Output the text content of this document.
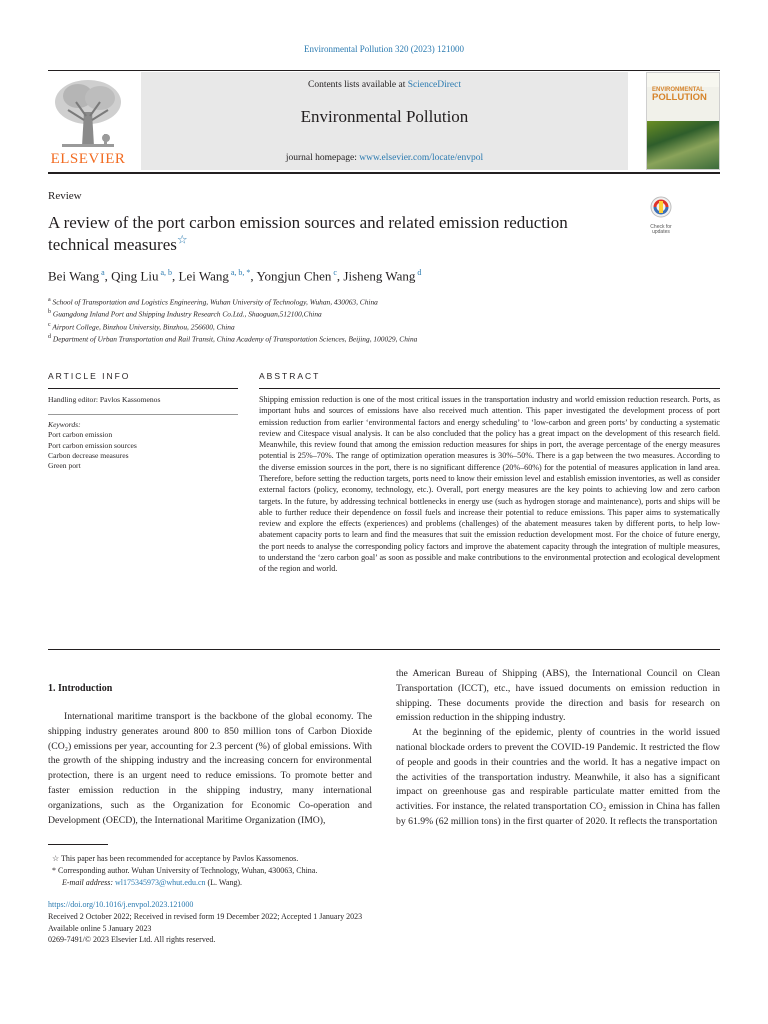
Environmental Pollution 320 (2023) 121000
ELSEVIER
Contents lists available at ScienceDirect
Environmental Pollution
journal homepage: www.elsevier.com/locate/envpol
ENVIRONMENTAL
POLLUTION
Review
A review of the port carbon emission sources and related emission reduction technical measures☆
Check for updates
Bei Wang $^a$, Qing Liu $^{a, b}$, Lei Wang $^{a, b, *}$, Yongjun Chen $^c$, Jisheng Wang $^d$
$^a$ School of Transportation and Logistics Engineering, Wuhan University of Technology, Wuhan, 430063, China
$^b$ Guangdong Inland Port and Shipping Industry Research Co.Ltd., Shaoguan,512100,China
$^c$ Airport College, Binzhou University, Binzhou, 256600, China
$^d$ Department of Urban Transportation and Rail Transit, China Academy of Transportation Sciences, Beijing, 100029, China
ARTICLE INFO
Handling editor: Pavlos Kassomenos
Keywords:
Port carbon emission
Port carbon emission sources
Carbon decrease measures
Green port
ABSTRACT
Shipping emission reduction is one of the most critical issues in the transportation industry and world emission reduction research. Ports, as important hubs and sources of emissions have also received much attention. This paper investigated the development process of port emission reduction from earlier ‘environmental factors and energy scheduling’ to ‘low-carbon and green ports’ by conducting a systematic review and Citespace visual analysis. It can be also concluded that the policy has a great impact on the development of this research field. Meanwhile, this review found that among the emission reduction measures for ships in port, the average percentage of the energy measures potential is 25%–70%. The range of optimization operation measures is 30%–50%. There is a gap between the two measures. According to the diverse emission sources in the port, there is no significant difference (20%–60%) for the potential of measures application in land area. Therefore, before setting the reduction targets, ports need to know their emission level and establish emission inventories, as well as consider external factors (policy, economy, technology, etc.). Overall, port energy measures are the key points to achieving low and zero carbon targets. In the future, by addressing technical bottlenecks in energy use (such as hydrogen storage and maintenance), ports and ships will be able to further reduce their dependence on fossil fuels and increase their potential to reduce emissions. This paper aims to systematically review and explore the effects (experiences) and problems (challenges) of the abatement measures taken by different ports, to help low-abatement capacity ports to learn and find the measures that suit the emission reduction development most. For the choice of future energy, the port needs to analyse the corresponding policy factors and improve the abatement capacity through the integration of multiple measures, to understand the ‘zero carbon goal’ as soon as possible and make contributions to the environmental protection and ecological development of the region and world.
1. Introduction

International maritime transport is the backbone of the global economy. The shipping industry generates around 800 to 850 million tons of Carbon Dioxide (CO₂) emissions per year, accounting for 2.3 percent (%) of global emissions. With the growth of the shipping industry and the increasing concern for environmental protection, there is an urgent need to reduce emissions. To promote better and faster emission reduction in the shipping industry, many international organizations, such as the Organization for Economic Co-operation and Development (OECD), the International Maritime Organization (IMO),

the American Bureau of Shipping (ABS), the International Council on Clean Transportation (ICCT), etc., have issued documents on emission reduction in shipping. These documents provide the direction and basis for research on emission reduction in the shipping industry.

At the beginning of the epidemic, plenty of countries in the world issued national blockade orders to prevent the COVID-19 Pandemic. It restricted the flow of people and goods in their countries and the world. It has a negative impact on the activities of the transportation industry. Meanwhile, it also has a significant impact on greenhouse gas and respirable particulate matter emitted from the activities. For instance, the related transportation CO₂ emission in China has fallen by 61.9% (62 million tons) in the first quarter of 2020. It reflects the transportation

☆ This paper has been recommended for acceptance by Pavlos Kassomenos.
* Corresponding author. Wuhan University of Technology, Wuhan, 430063, China.
E-mail address: wl175345973@whut.edu.cn (L. Wang).
https://doi.org/10.1016/j.envpol.2023.121000
Received 2 October 2022; Received in revised form 19 December 2022; Accepted 1 January 2023
Available online 5 January 2023
0269-7491/© 2023 Elsevier Ltd. All rights reserved.
